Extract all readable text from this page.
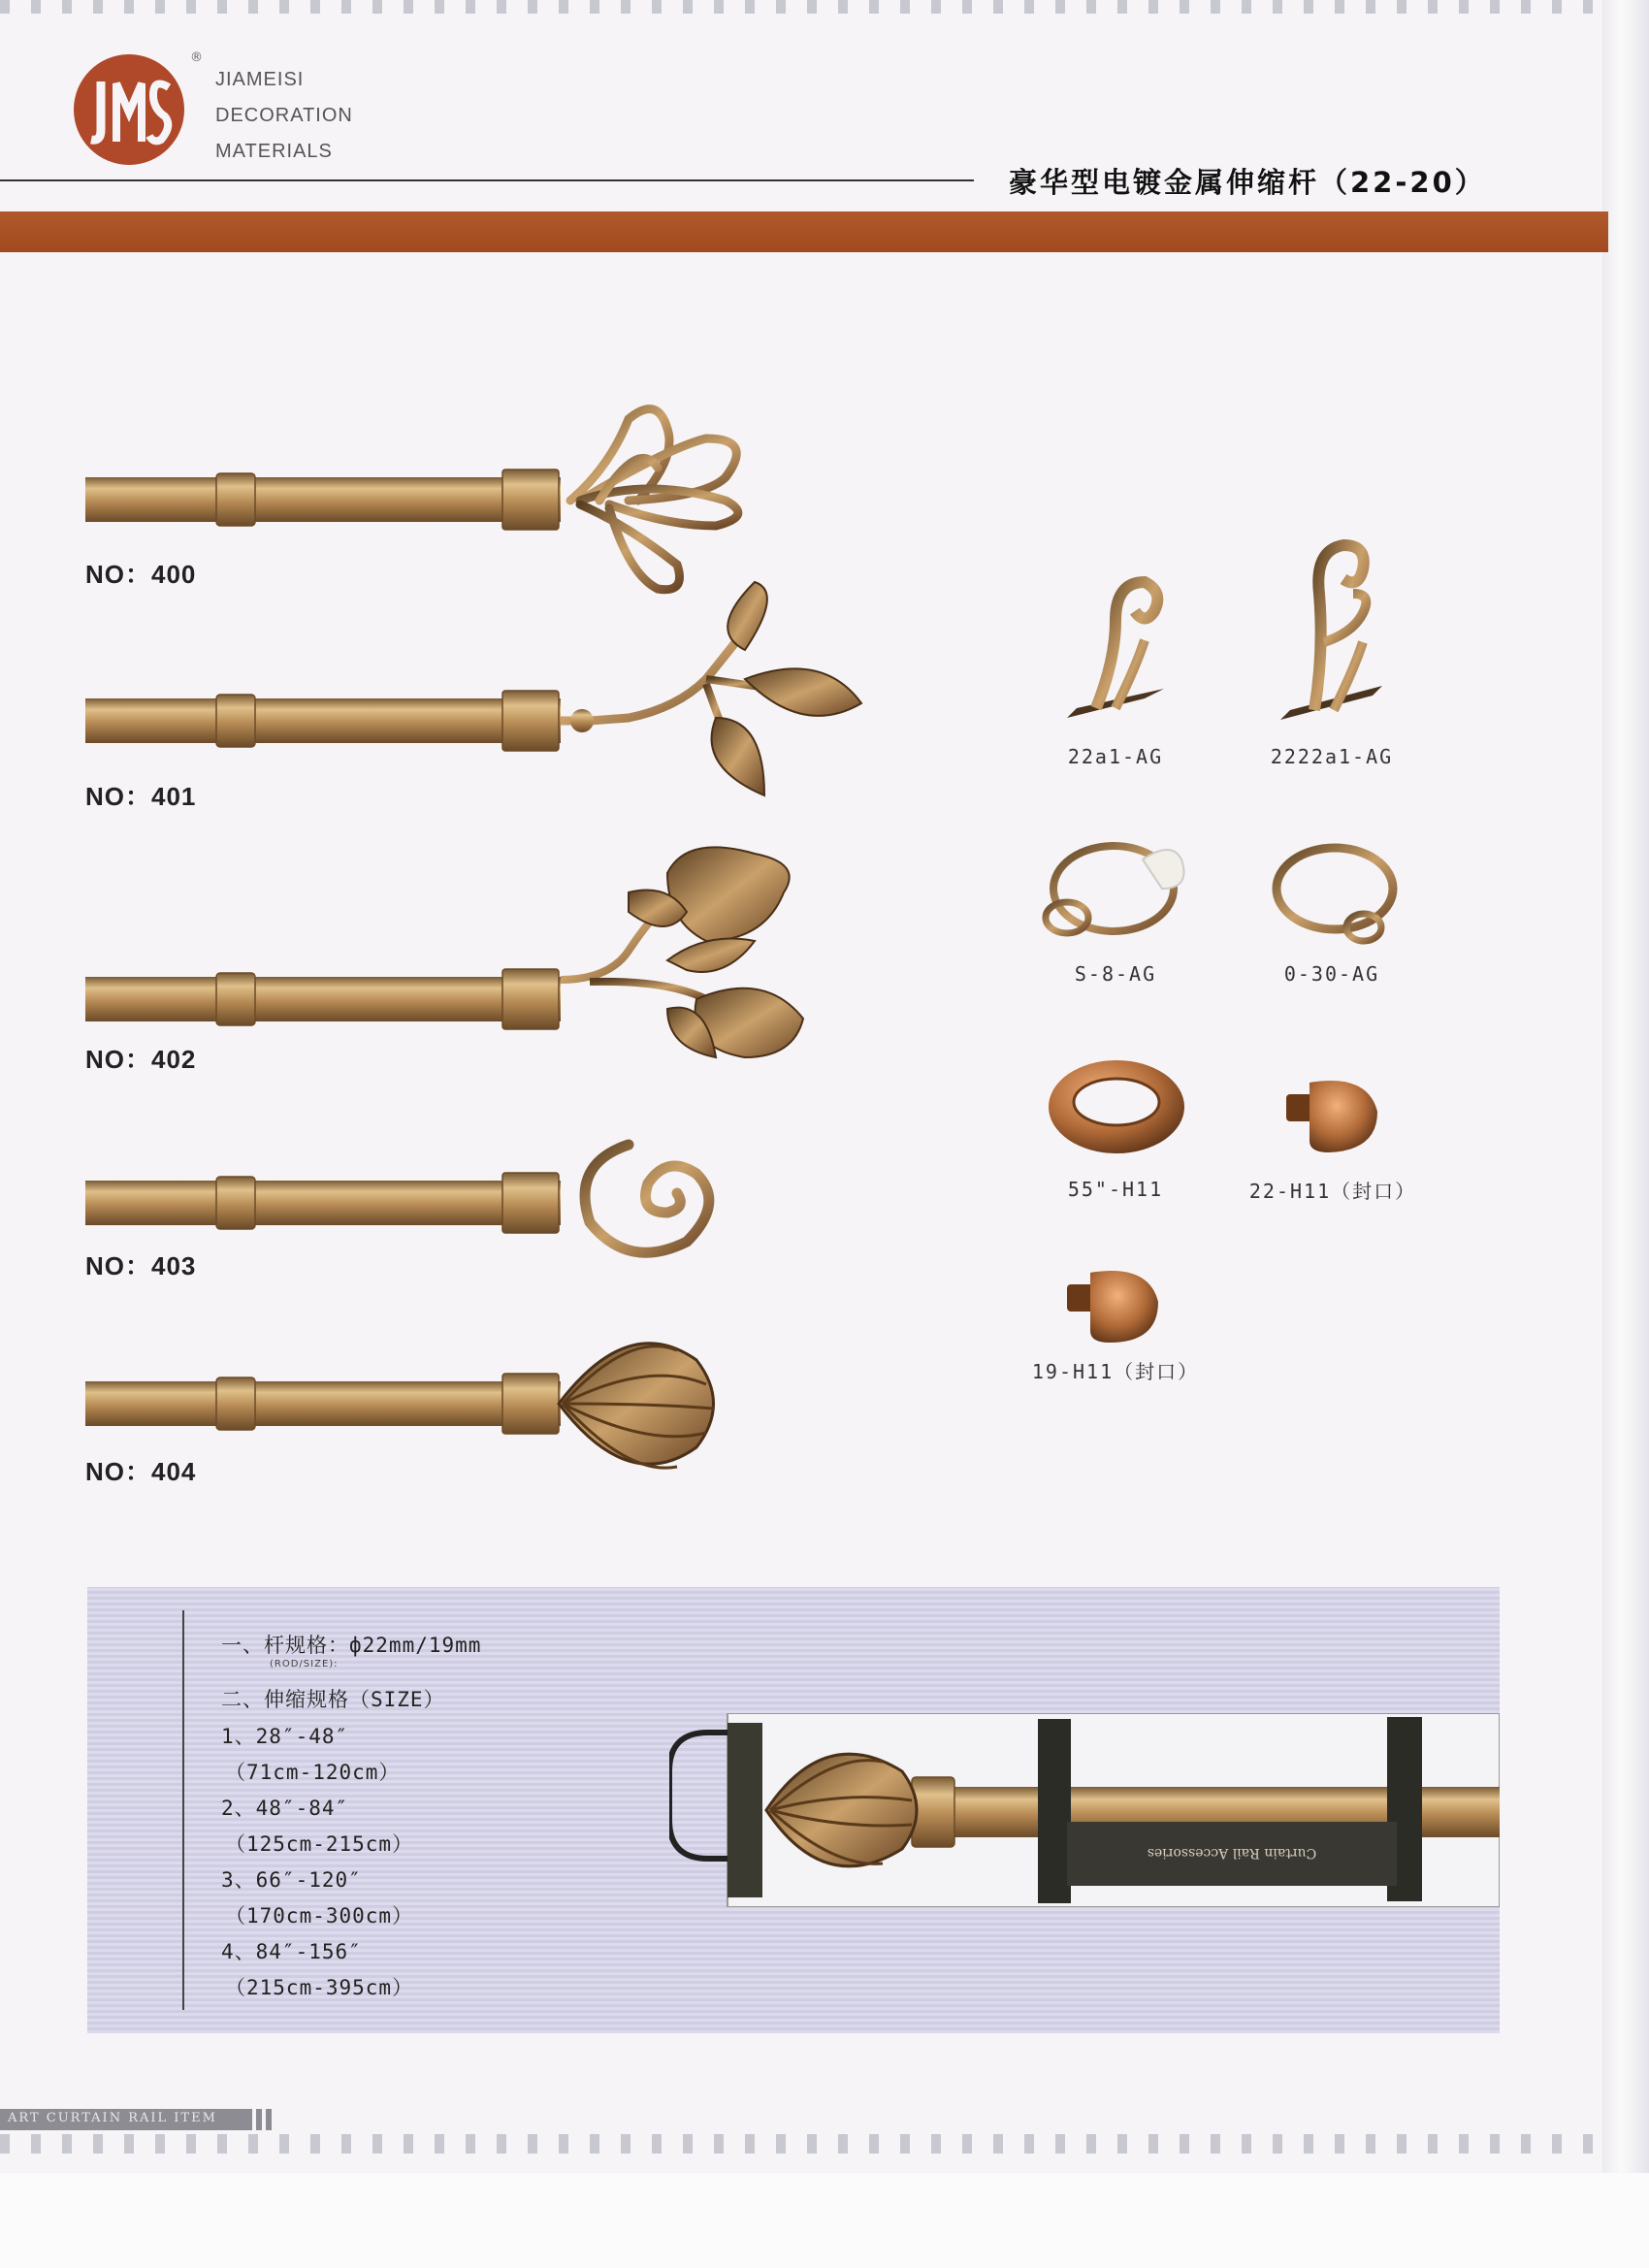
®
JIAMEISI
DECORATION
MATERIALS
豪华型电镀金属伸缩杆（22-20）
NO：400
NO：401
NO：402
NO：403
NO：404
22a1-AG	2222a1-AG
S-8-AG	0-30-AG
55"-H11	22-H11（封口）
19-H11（封口）
一、杆规格：ф22mm/19mm
(ROD/SIZE):
二、伸缩规格（SIZE）
1、28″-48″
（71cm-120cm）
2、48″-84″
（125cm-215cm）
3、66″-120″
（170cm-300cm）
4、84″-156″
（215cm-395cm）
Curtain Rail Accessories
ART CURTAIN RAIL ITEM
